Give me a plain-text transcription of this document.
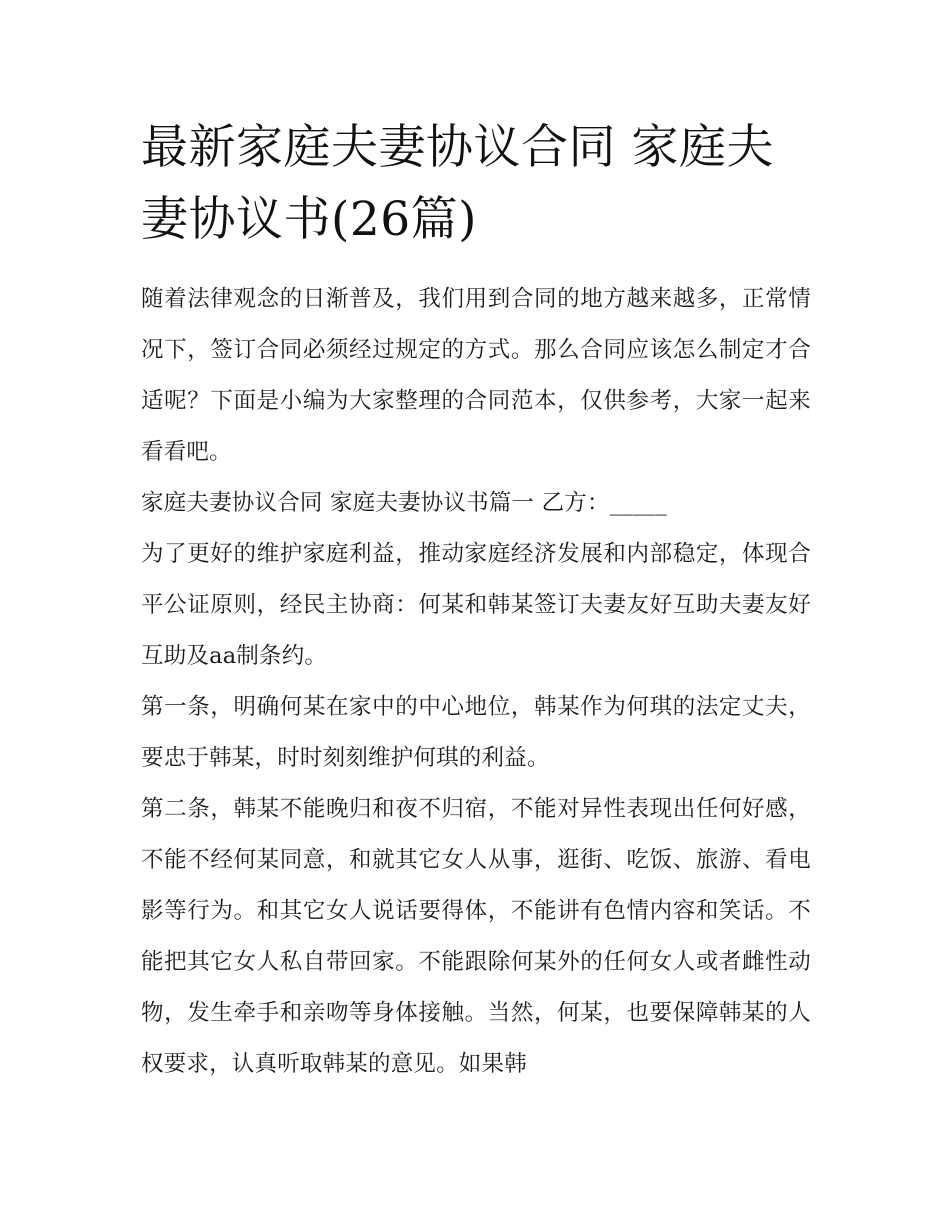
最新家庭夫妻协议合同 家庭夫妻协议书(26篇)

随着法律观念的日渐普及，我们用到合同的地方越来越多，正常情况下，签订合同必须经过规定的方式。那么合同应该怎么制定才合适呢？下面是小编为大家整理的合同范本，仅供参考，大家一起来看看吧。

家庭夫妻协议合同 家庭夫妻协议书篇一 乙方：_____

为了更好的维护家庭利益，推动家庭经济发展和内部稳定，体现合平公证原则，经民主协商：何某和韩某签订夫妻友好互助夫妻友好互助及aa制条约。

第一条，明确何某在家中的中心地位，韩某作为何琪的法定丈夫，要忠于韩某，时时刻刻维护何琪的利益。

第二条，韩某不能晚归和夜不归宿，不能对异性表现出任何好感，不能不经何某同意，和就其它女人从事，逛街、吃饭、旅游、看电影等行为。和其它女人说话要得体，不能讲有色情内容和笑话。不能把其它女人私自带回家。不能跟除何某外的任何女人或者雌性动物，发生牵手和亲吻等身体接触。当然，何某，也要保障韩某的人权要求，认真听取韩某的意见。如果韩
